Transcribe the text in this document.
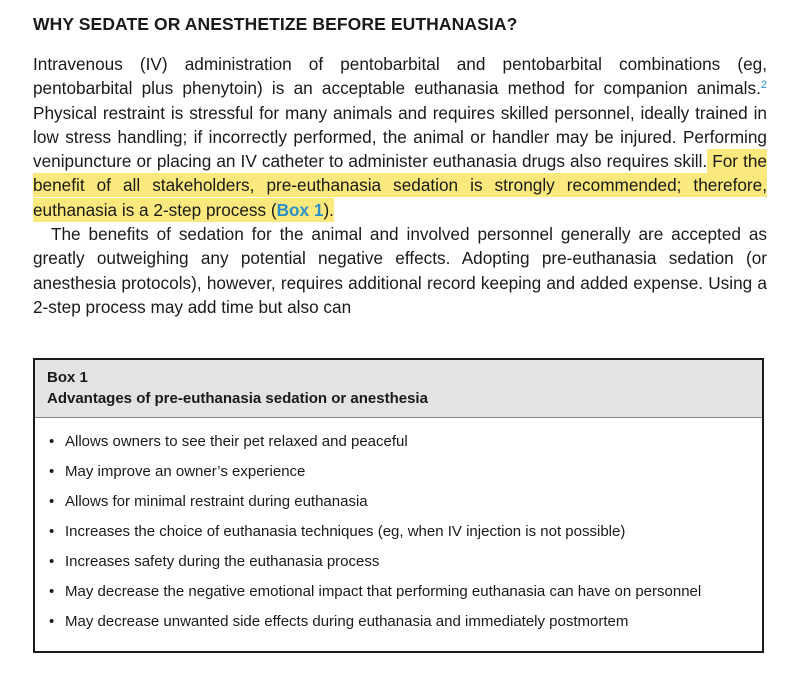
WHY SEDATE OR ANESTHETIZE BEFORE EUTHANASIA?

Intravenous (IV) administration of pentobarbital and pentobarbital combinations (eg, pentobarbital plus phenytoin) is an acceptable euthanasia method for companion animals.$^2$ Physical restraint is stressful for many animals and requires skilled personnel, ideally trained in low stress handling; if incorrectly performed, the animal or handler may be injured. Performing venipuncture or placing an IV catheter to administer euthanasia drugs also requires skill. For the benefit of all stakeholders, pre-euthanasia sedation is strongly recommended; therefore, euthanasia is a 2-step process (Box 1).

The benefits of sedation for the animal and involved personnel generally are accepted as greatly outweighing any potential negative effects. Adopting pre-euthanasia sedation (or anesthesia protocols), however, requires additional record keeping and added expense. Using a 2-step process may add time but also can

Box 1
Advantages of pre-euthanasia sedation or anesthesia
• Allows owners to see their pet relaxed and peaceful
• May improve an owner’s experience
• Allows for minimal restraint during euthanasia
• Increases the choice of euthanasia techniques (eg, when IV injection is not possible)
• Increases safety during the euthanasia process
• May decrease the negative emotional impact that performing euthanasia can have on personnel
• May decrease unwanted side effects during euthanasia and immediately postmortem
